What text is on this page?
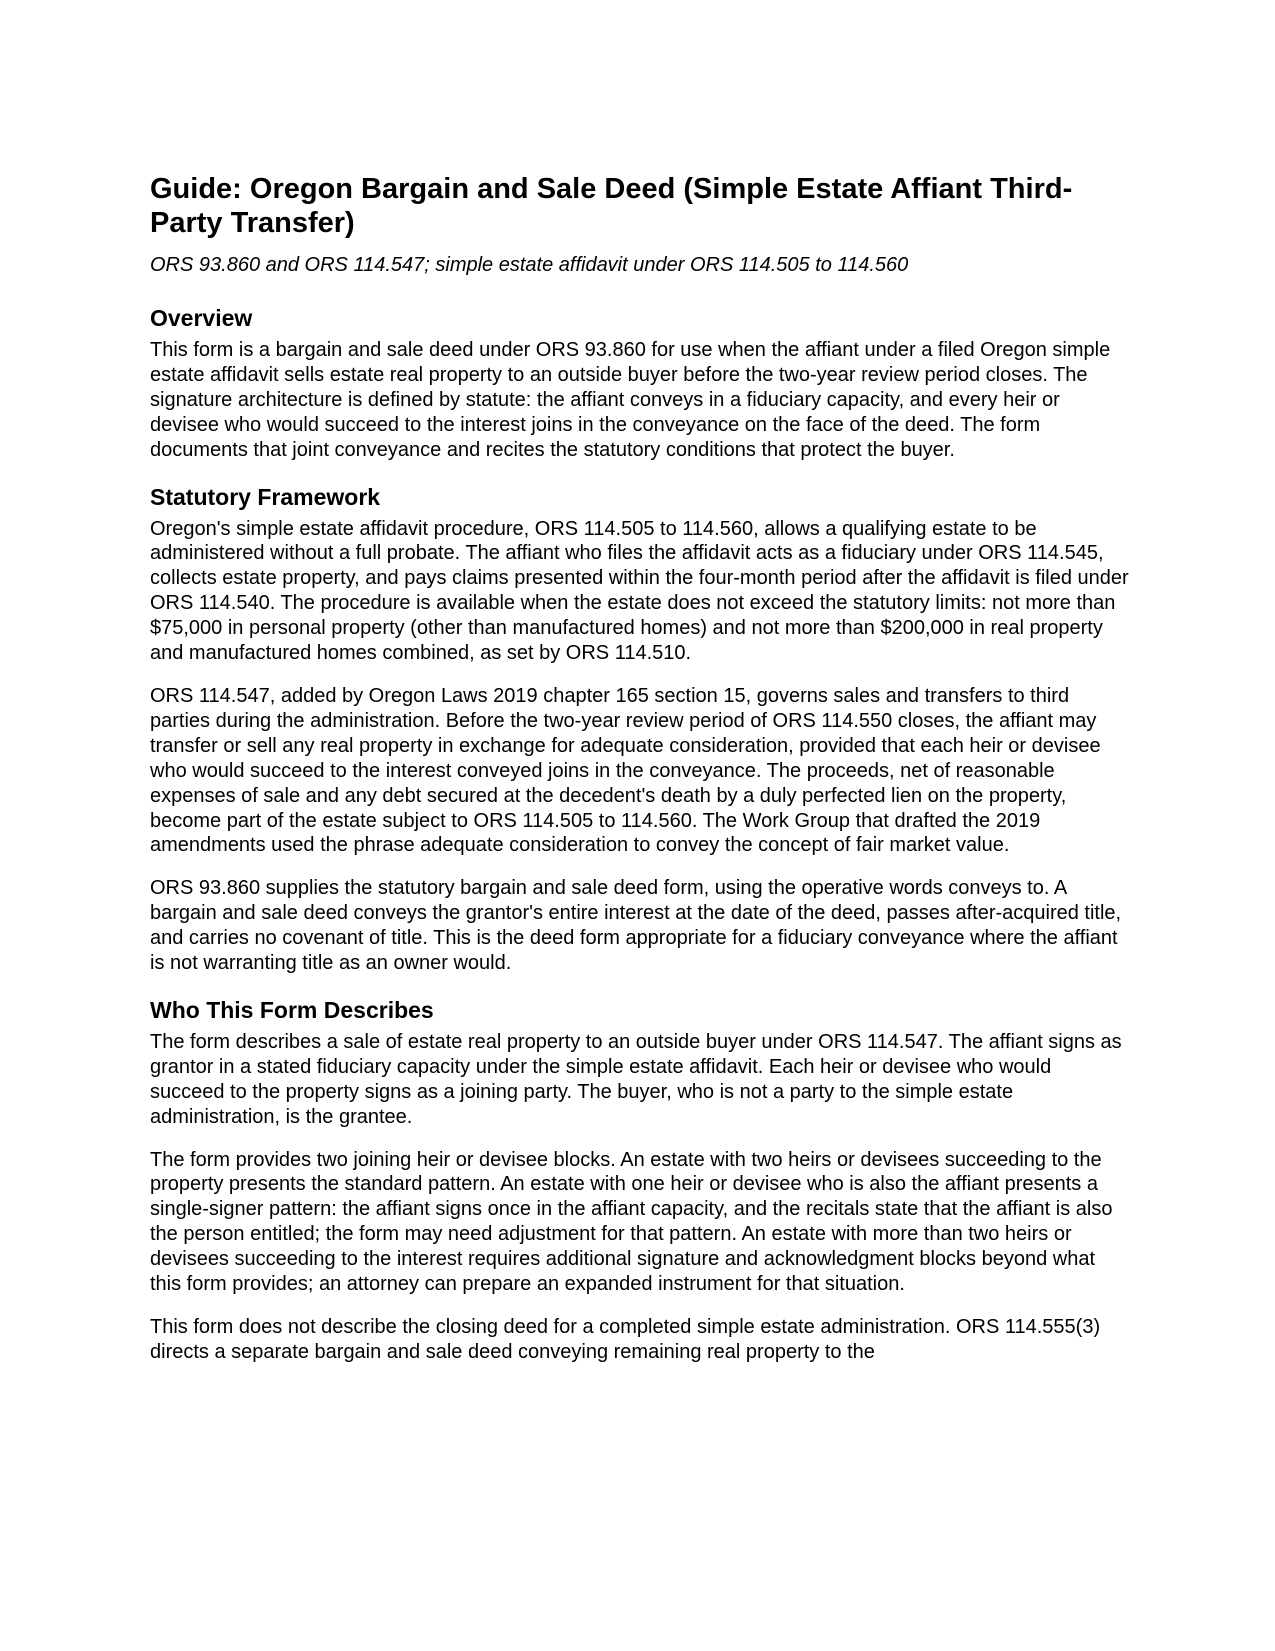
Guide: Oregon Bargain and Sale Deed (Simple Estate Affiant Third-Party Transfer)

ORS 93.860 and ORS 114.547; simple estate affidavit under ORS 114.505 to 114.560

Overview

This form is a bargain and sale deed under ORS 93.860 for use when the affiant under a filed Oregon simple estate affidavit sells estate real property to an outside buyer before the two-year review period closes. The signature architecture is defined by statute: the affiant conveys in a fiduciary capacity, and every heir or devisee who would succeed to the interest joins in the conveyance on the face of the deed. The form documents that joint conveyance and recites the statutory conditions that protect the buyer.

Statutory Framework

Oregon's simple estate affidavit procedure, ORS 114.505 to 114.560, allows a qualifying estate to be administered without a full probate. The affiant who files the affidavit acts as a fiduciary under ORS 114.545, collects estate property, and pays claims presented within the four-month period after the affidavit is filed under ORS 114.540. The procedure is available when the estate does not exceed the statutory limits: not more than $75,000 in personal property (other than manufactured homes) and not more than $200,000 in real property and manufactured homes combined, as set by ORS 114.510.

ORS 114.547, added by Oregon Laws 2019 chapter 165 section 15, governs sales and transfers to third parties during the administration. Before the two-year review period of ORS 114.550 closes, the affiant may transfer or sell any real property in exchange for adequate consideration, provided that each heir or devisee who would succeed to the interest conveyed joins in the conveyance. The proceeds, net of reasonable expenses of sale and any debt secured at the decedent's death by a duly perfected lien on the property, become part of the estate subject to ORS 114.505 to 114.560. The Work Group that drafted the 2019 amendments used the phrase adequate consideration to convey the concept of fair market value.

ORS 93.860 supplies the statutory bargain and sale deed form, using the operative words conveys to. A bargain and sale deed conveys the grantor's entire interest at the date of the deed, passes after-acquired title, and carries no covenant of title. This is the deed form appropriate for a fiduciary conveyance where the affiant is not warranting title as an owner would.

Who This Form Describes

The form describes a sale of estate real property to an outside buyer under ORS 114.547. The affiant signs as grantor in a stated fiduciary capacity under the simple estate affidavit. Each heir or devisee who would succeed to the property signs as a joining party. The buyer, who is not a party to the simple estate administration, is the grantee.

The form provides two joining heir or devisee blocks. An estate with two heirs or devisees succeeding to the property presents the standard pattern. An estate with one heir or devisee who is also the affiant presents a single-signer pattern: the affiant signs once in the affiant capacity, and the recitals state that the affiant is also the person entitled; the form may need adjustment for that pattern. An estate with more than two heirs or devisees succeeding to the interest requires additional signature and acknowledgment blocks beyond what this form provides; an attorney can prepare an expanded instrument for that situation.

This form does not describe the closing deed for a completed simple estate administration. ORS 114.555(3) directs a separate bargain and sale deed conveying remaining real property to the
